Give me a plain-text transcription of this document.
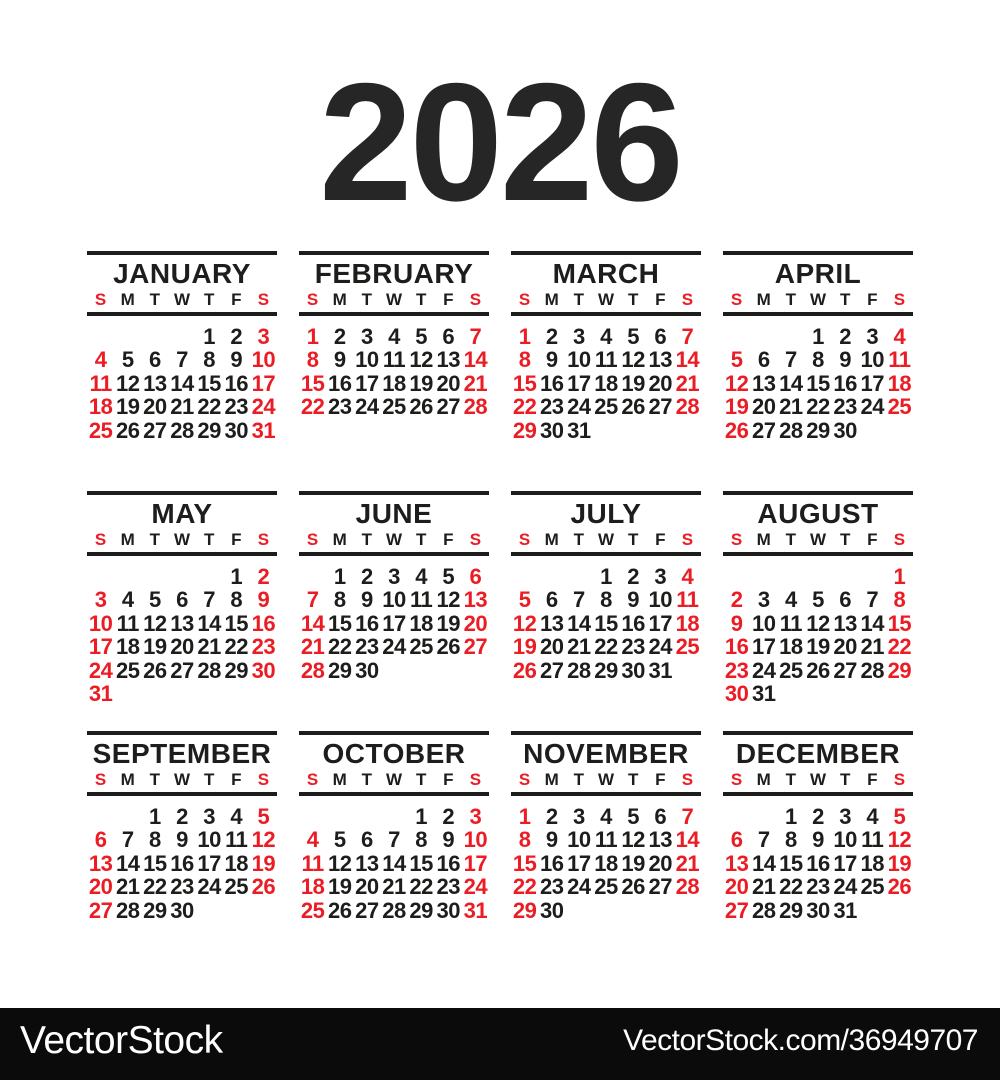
2026
JANUARY
S M T W T F S
1 2 3
4 5 6 7 8 9 10
11 12 13 14 15 16 17
18 19 20 21 22 23 24
25 26 27 28 29 30 31
FEBRUARY
S M T W T F S
1 2 3 4 5 6 7
8 9 10 11 12 13 14
15 16 17 18 19 20 21
22 23 24 25 26 27 28
MARCH
S M T W T F S
1 2 3 4 5 6 7
8 9 10 11 12 13 14
15 16 17 18 19 20 21
22 23 24 25 26 27 28
29 30 31
APRIL
S M T W T F S
1 2 3 4
5 6 7 8 9 10 11
12 13 14 15 16 17 18
19 20 21 22 23 24 25
26 27 28 29 30
MAY
S M T W T F S
1 2
3 4 5 6 7 8 9
10 11 12 13 14 15 16
17 18 19 20 21 22 23
24 25 26 27 28 29 30
31
JUNE
S M T W T F S
1 2 3 4 5 6
7 8 9 10 11 12 13
14 15 16 17 18 19 20
21 22 23 24 25 26 27
28 29 30
JULY
S M T W T F S
1 2 3 4
5 6 7 8 9 10 11
12 13 14 15 16 17 18
19 20 21 22 23 24 25
26 27 28 29 30 31
AUGUST
S M T W T F S
1
2 3 4 5 6 7 8
9 10 11 12 13 14 15
16 17 18 19 20 21 22
23 24 25 26 27 28 29
30 31
SEPTEMBER
S M T W T F S
1 2 3 4 5
6 7 8 9 10 11 12
13 14 15 16 17 18 19
20 21 22 23 24 25 26
27 28 29 30
OCTOBER
S M T W T F S
1 2 3
4 5 6 7 8 9 10
11 12 13 14 15 16 17
18 19 20 21 22 23 24
25 26 27 28 29 30 31
NOVEMBER
S M T W T F S
1 2 3 4 5 6 7
8 9 10 11 12 13 14
15 16 17 18 19 20 21
22 23 24 25 26 27 28
29 30
DECEMBER
S M T W T F S
1 2 3 4 5
6 7 8 9 10 11 12
13 14 15 16 17 18 19
20 21 22 23 24 25 26
27 28 29 30 31
VectorStock	VectorStock.com/36949707
